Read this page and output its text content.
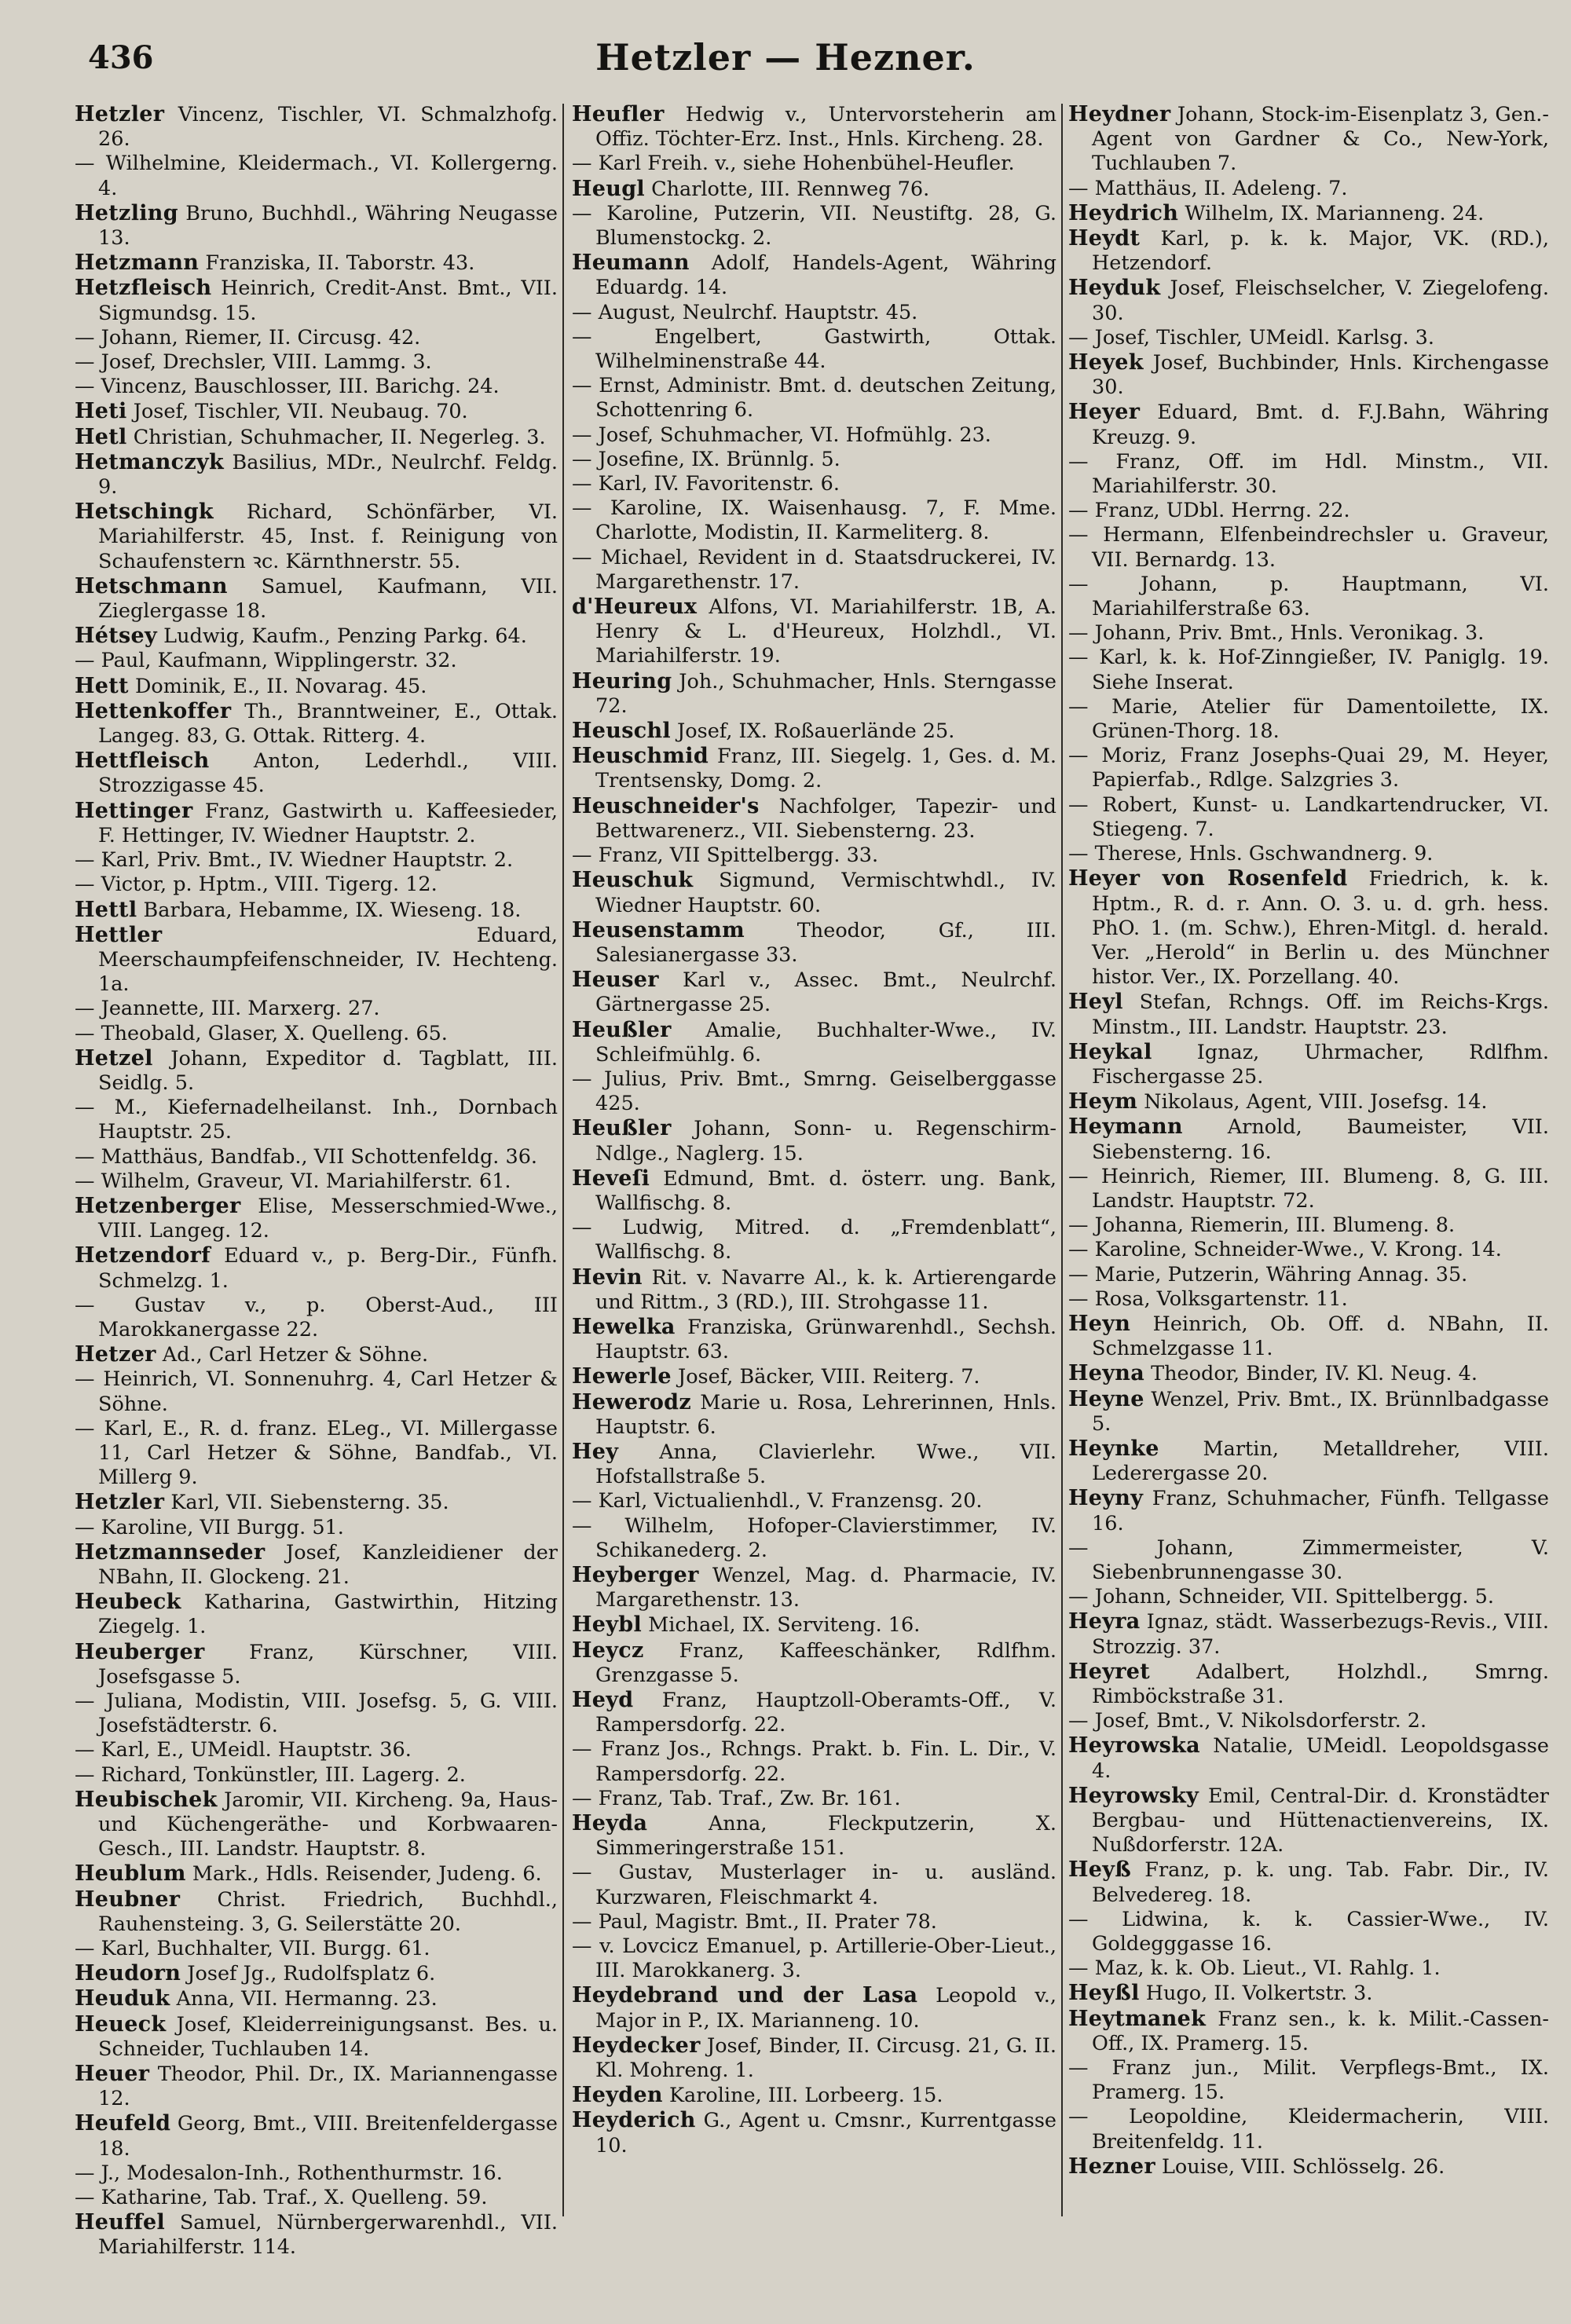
436	Hetzler — Hezner.
Hetzler Vincenz, Tischler, VI. Schmalzhofg. 26.
— Wilhelmine, Kleidermach., VI. Kollergerng. 4.
Hetzling Bruno, Buchhdl., Währing Neugasse 13.
Hetzmann Franziska, II. Taborstr. 43.
Hetzfleisch Heinrich, Credit-Anst. Bmt., VII. Sigmundsg. 15.
— Johann, Riemer, II. Circusg. 42.
— Josef, Drechsler, VIII. Lammg. 3.
— Vincenz, Bauschlosser, III. Barichg. 24.
Heti Josef, Tischler, VII. Neubaug. 70.
Hetl Christian, Schuhmacher, II. Negerleg. 3.
Hetmanczyk Basilius, MDr., Neulrchf. Feldg. 9.
Hetschingk Richard, Schönfärber, VI. Mariahilferstr. 45, Inst. f. Reinigung von Schaufenstern ꝛc. Kärnthnerstr. 55.
Hetschmann Samuel, Kaufmann, VII. Zieglergasse 18.
Hétsey Ludwig, Kaufm., Penzing Parkg. 64.
— Paul, Kaufmann, Wipplingerstr. 32.
Hett Dominik, E., II. Novarag. 45.
Hettenkoffer Th., Branntweiner, E., Ottak. Langeg. 83, G. Ottak. Ritterg. 4.
Hettfleisch Anton, Lederhdl., VIII. Strozzigasse 45.
Hettinger Franz, Gastwirth u. Kaffeesieder, F. Hettinger, IV. Wiedner Hauptstr. 2.
— Karl, Priv. Bmt., IV. Wiedner Hauptstr. 2.
— Victor, p. Hptm., VIII. Tigerg. 12.
Hettl Barbara, Hebamme, IX. Wieseng. 18.
Hettler Eduard, Meerschaumpfeifenschneider, IV. Hechteng. 1a.
— Jeannette, III. Marxerg. 27.
— Theobald, Glaser, X. Quelleng. 65.
Hetzel Johann, Expeditor d. Tagblatt, III. Seidlg. 5.
— M., Kiefernadelheilanst. Inh., Dornbach Hauptstr. 25.
— Matthäus, Bandfab., VII Schottenfeldg. 36.
— Wilhelm, Graveur, VI. Mariahilferstr. 61.
Hetzenberger Elise, Messerschmied-Wwe., VIII. Langeg. 12.
Hetzendorf Eduard v., p. Berg-Dir., Fünfh. Schmelzg. 1.
— Gustav v., p. Oberst-Aud., III Marokkanergasse 22.
Hetzer Ad., Carl Hetzer & Söhne.
— Heinrich, VI. Sonnenuhrg. 4, Carl Hetzer & Söhne.
— Karl, E., R. d. franz. ELeg., VI. Millergasse 11, Carl Hetzer & Söhne, Bandfab., VI. Millerg 9.
Hetzler Karl, VII. Siebensterng. 35.
— Karoline, VII Burgg. 51.
Hetzmannseder Josef, Kanzleidiener der NBahn, II. Glockeng. 21.
Heubeck Katharina, Gastwirthin, Hitzing Ziegelg. 1.
Heuberger Franz, Kürschner, VIII. Josefsgasse 5.
— Juliana, Modistin, VIII. Josefsg. 5, G. VIII. Josefstädterstr. 6.
— Karl, E., UMeidl. Hauptstr. 36.
— Richard, Tonkünstler, III. Lagerg. 2.
Heubischek Jaromir, VII. Kircheng. 9a, Haus- und Küchengeräthe- und Korbwaaren-Gesch., III. Landstr. Hauptstr. 8.
Heublum Mark., Hdls. Reisender, Judeng. 6.
Heubner Christ. Friedrich, Buchhdl., Rauhensteing. 3, G. Seilerstätte 20.
— Karl, Buchhalter, VII. Burgg. 61.
Heudorn Josef Jg., Rudolfsplatz 6.
Heuduk Anna, VII. Hermanng. 23.
Heueck Josef, Kleiderreinigungsanst. Bes. u. Schneider, Tuchlauben 14.
Heuer Theodor, Phil. Dr., IX. Mariannengasse 12.
Heufeld Georg, Bmt., VIII. Breitenfeldergasse 18.
— J., Modesalon-Inh., Rothenthurmstr. 16.
— Katharine, Tab. Traf., X. Quelleng. 59.
Heuffel Samuel, Nürnbergerwarenhdl., VII. Mariahilferstr. 114.
Heufler Hedwig v., Untervorsteherin am Offiz. Töchter-Erz. Inst., Hnls. Kircheng. 28.
— Karl Freih. v., siehe Hohenbühel-Heufler.
Heugl Charlotte, III. Rennweg 76.
— Karoline, Putzerin, VII. Neustiftg. 28, G. Blumenstockg. 2.
Heumann Adolf, Handels-Agent, Währing Eduardg. 14.
— August, Neulrchf. Hauptstr. 45.
— Engelbert, Gastwirth, Ottak. Wilhelminenstraße 44.
— Ernst, Administr. Bmt. d. deutschen Zeitung, Schottenring 6.
— Josef, Schuhmacher, VI. Hofmühlg. 23.
— Josefine, IX. Brünnlg. 5.
— Karl, IV. Favoritenstr. 6.
— Karoline, IX. Waisenhausg. 7, F. Mme. Charlotte, Modistin, II. Karmeliterg. 8.
— Michael, Revident in d. Staatsdruckerei, IV. Margarethenstr. 17.
d'Heureux Alfons, VI. Mariahilferstr. 1B, A. Henry & L. d'Heureux, Holzhdl., VI. Mariahilferstr. 19.
Heuring Joh., Schuhmacher, Hnls. Sterngasse 72.
Heuschl Josef, IX. Roßauerlände 25.
Heuschmid Franz, III. Siegelg. 1, Ges. d. M. Trentsensky, Domg. 2.
Heuschneider's Nachfolger, Tapezir- und Bettwarenerz., VII. Siebensterng. 23.
— Franz, VII Spittelbergg. 33.
Heuschuk Sigmund, Vermischtwhdl., IV. Wiedner Hauptstr. 60.
Heusenstamm Theodor, Gf., III. Salesianergasse 33.
Heuser Karl v., Assec. Bmt., Neulrchf. Gärtnergasse 25.
Heußler Amalie, Buchhalter-Wwe., IV. Schleifmühlg. 6.
— Julius, Priv. Bmt., Smrng. Geiselberggasse 425.
Heußler Johann, Sonn- u. Regenschirm-Ndlge., Naglerg. 15.
Heveſi Edmund, Bmt. d. österr. ung. Bank, Wallfischg. 8.
— Ludwig, Mitred. d. „Fremdenblatt“, Wallfischg. 8.
Hevin Rit. v. Navarre Al., k. k. Artierengarde und Rittm., 3 (RD.), III. Strohgasse 11.
Hewelka Franziska, Grünwarenhdl., Sechsh. Hauptstr. 63.
Hewerle Josef, Bäcker, VIII. Reiterg. 7.
Hewerodz Marie u. Rosa, Lehrerinnen, Hnls. Hauptstr. 6.
Hey Anna, Clavierlehr. Wwe., VII. Hofstallstraße 5.
— Karl, Victualienhdl., V. Franzensg. 20.
— Wilhelm, Hofoper-Clavierstimmer, IV. Schikanederg. 2.
Heyberger Wenzel, Mag. d. Pharmacie, IV. Margarethenstr. 13.
Heybl Michael, IX. Serviteng. 16.
Heycz Franz, Kaffeeschänker, Rdlfhm. Grenzgasse 5.
Heyd Franz, Hauptzoll-Oberamts-Off., V. Rampersdorfg. 22.
— Franz Jos., Rchngs. Prakt. b. Fin. L. Dir., V. Rampersdorfg. 22.
— Franz, Tab. Traf., Zw. Br. 161.
Heyda Anna, Fleckputzerin, X. Simmeringerstraße 151.
— Gustav, Musterlager in- u. ausländ. Kurzwaren, Fleischmarkt 4.
— Paul, Magistr. Bmt., II. Prater 78.
— v. Lovcicz Emanuel, p. Artillerie-Ober-Lieut., III. Marokkanerg. 3.
Heydebrand und der Lasa Leopold v., Major in P., IX. Marianneng. 10.
Heydecker Josef, Binder, II. Circusg. 21, G. II. Kl. Mohreng. 1.
Heyden Karoline, III. Lorbeerg. 15.
Heyderich G., Agent u. Cmsnr., Kurrentgasse 10.
Heydner Johann, Stock-im-Eisenplatz 3, Gen.-Agent von Gardner & Co., New-York, Tuchlauben 7.
— Matthäus, II. Adeleng. 7.
Heydrich Wilhelm, IX. Marianneng. 24.
Heydt Karl, p. k. k. Major, VK. (RD.), Hetzendorf.
Heyduk Josef, Fleischselcher, V. Ziegelofeng. 30.
— Josef, Tischler, UMeidl. Karlsg. 3.
Heyek Josef, Buchbinder, Hnls. Kirchengasse 30.
Heyer Eduard, Bmt. d. F.J.Bahn, Währing Kreuzg. 9.
— Franz, Off. im Hdl. Minstm., VII. Mariahilferstr. 30.
— Franz, UDbl. Herrng. 22.
— Hermann, Elfenbeindrechsler u. Graveur, VII. Bernardg. 13.
— Johann, p. Hauptmann, VI. Mariahilferstraße 63.
— Johann, Priv. Bmt., Hnls. Veronikag. 3.
— Karl, k. k. Hof-Zinngießer, IV. Paniglg. 19. Siehe Inserat.
— Marie, Atelier für Damentoilette, IX. Grünen-Thorg. 18.
— Moriz, Franz Josephs-Quai 29, M. Heyer, Papierfab., Rdlge. Salzgries 3.
— Robert, Kunst- u. Landkartendrucker, VI. Stiegeng. 7.
— Therese, Hnls. Gschwandnerg. 9.
Heyer von Rosenfeld Friedrich, k. k. Hptm., R. d. r. Ann. O. 3. u. d. grh. hess. PhO. 1. (m. Schw.), Ehren-Mitgl. d. herald. Ver. „Herold“ in Berlin u. des Münchner histor. Ver., IX. Porzellang. 40.
Heyl Stefan, Rchngs. Off. im Reichs-Krgs. Minstm., III. Landstr. Hauptstr. 23.
Heykal Ignaz, Uhrmacher, Rdlfhm. Fischergasse 25.
Heym Nikolaus, Agent, VIII. Josefsg. 14.
Heymann Arnold, Baumeister, VII. Siebensterng. 16.
— Heinrich, Riemer, III. Blumeng. 8, G. III. Landstr. Hauptstr. 72.
— Johanna, Riemerin, III. Blumeng. 8.
— Karoline, Schneider-Wwe., V. Krong. 14.
— Marie, Putzerin, Währing Annag. 35.
— Rosa, Volksgartenstr. 11.
Heyn Heinrich, Ob. Off. d. NBahn, II. Schmelzgasse 11.
Heyna Theodor, Binder, IV. Kl. Neug. 4.
Heyne Wenzel, Priv. Bmt., IX. Brünnlbadgasse 5.
Heynke Martin, Metalldreher, VIII. Lederergasse 20.
Heyny Franz, Schuhmacher, Fünfh. Tellgasse 16.
— Johann, Zimmermeister, V. Siebenbrunnengasse 30.
— Johann, Schneider, VII. Spittelbergg. 5.
Heyra Ignaz, städt. Wasserbezugs-Revis., VIII. Strozzig. 37.
Heyret Adalbert, Holzhdl., Smrng. Rimböckstraße 31.
— Josef, Bmt., V. Nikolsdorferstr. 2.
Heyrowska Natalie, UMeidl. Leopoldsgasse 4.
Heyrowsky Emil, Central-Dir. d. Kronstädter Bergbau- und Hüttenactienvereins, IX. Nußdorferstr. 12A.
Heyß Franz, p. k. ung. Tab. Fabr. Dir., IV. Belvedereg. 18.
— Lidwina, k. k. Cassier-Wwe., IV. Goldegggasse 16.
— Maz, k. k. Ob. Lieut., VI. Rahlg. 1.
Heyßl Hugo, II. Volkertstr. 3.
Heytmanek Franz sen., k. k. Milit.-Cassen-Off., IX. Pramerg. 15.
— Franz jun., Milit. Verpflegs-Bmt., IX. Pramerg. 15.
— Leopoldine, Kleidermacherin, VIII. Breitenfeldg. 11.
Hezner Louise, VIII. Schlösselg. 26.
